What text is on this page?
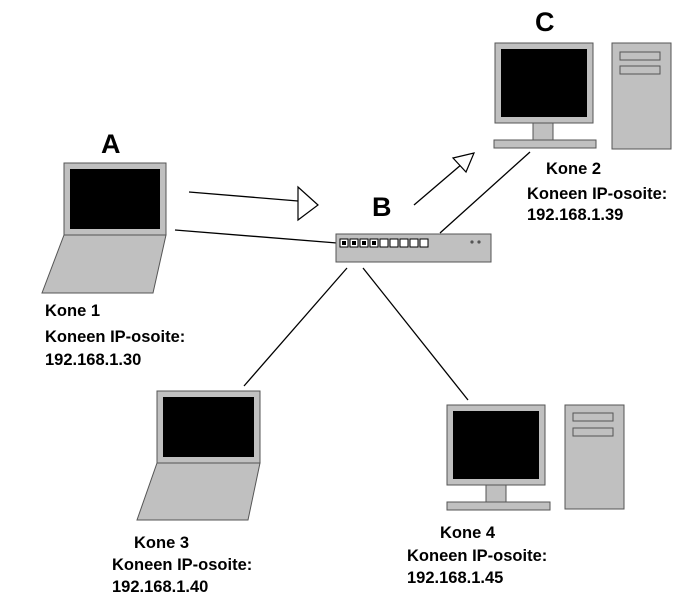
A
B
C
Kone 1
Koneen IP-osoite:
192.168.1.30
Kone 2
Koneen IP-osoite:
192.168.1.39
Kone 3
Koneen IP-osoite:
192.168.1.40
Kone 4
Koneen IP-osoite:
192.168.1.45
